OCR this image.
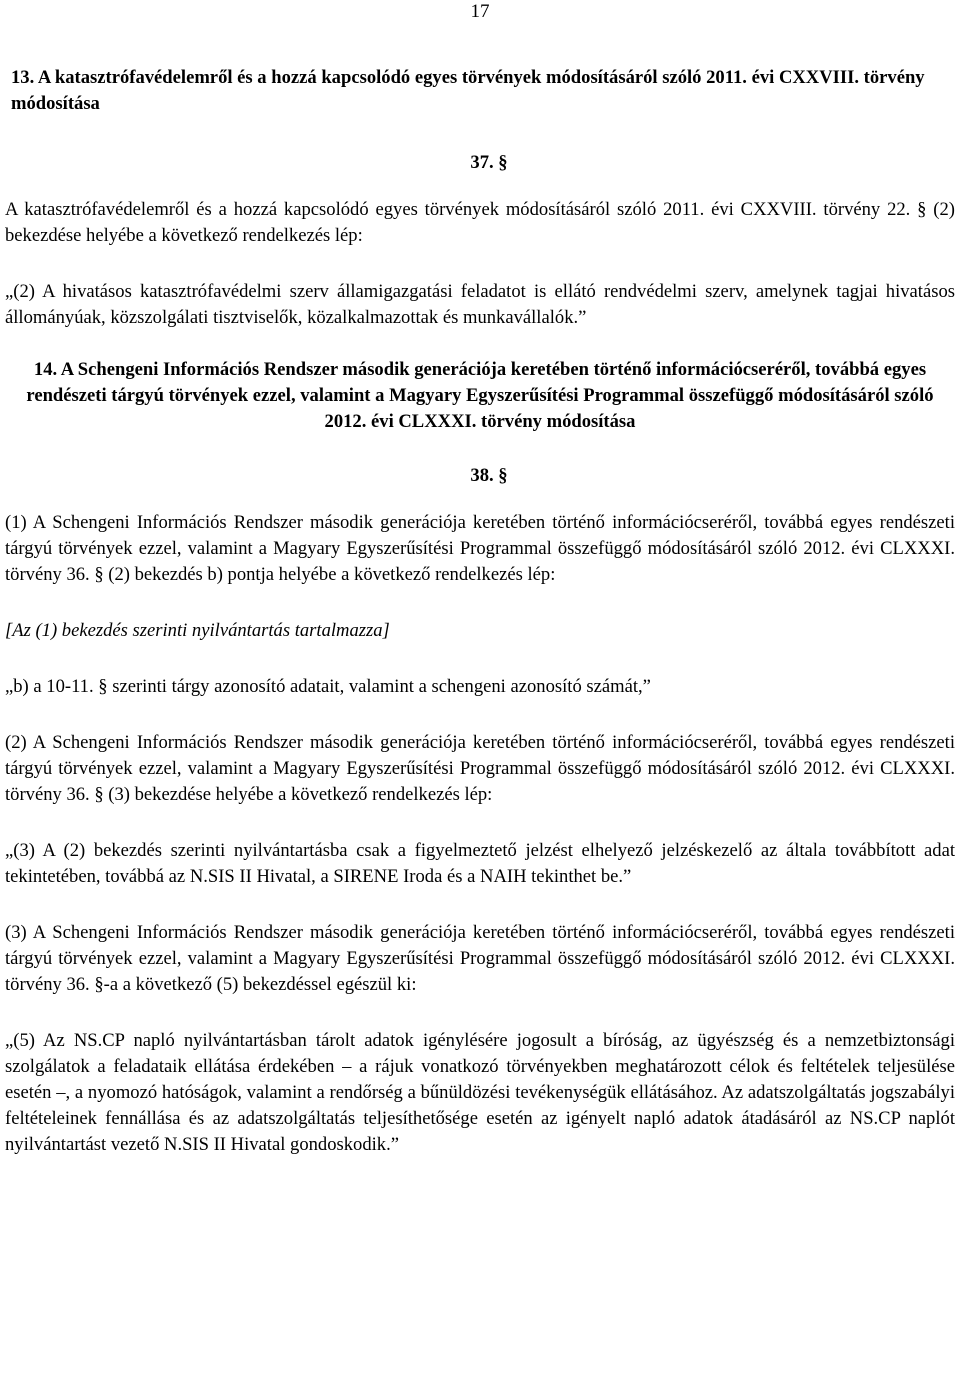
17
13. A katasztrófavédelemről és a hozzá kapcsolódó egyes törvények módosításáról szóló 2011. évi CXXVIII. törvény módosítása
37. §

A katasztrófavédelemről és a hozzá kapcsolódó egyes törvények módosításáról szóló 2011. évi CXXVIII. törvény 22. § (2) bekezdése helyébe a következő rendelkezés lép:

„(2) A hivatásos katasztrófavédelmi szerv államigazgatási feladatot is ellátó rendvédelmi szerv, amelynek tagjai hivatásos állományúak, közszolgálati tisztviselők, közalkalmazottak és munkavállalók.”

14. A Schengeni Információs Rendszer második generációja keretében történő információcseréről, továbbá egyes rendészeti tárgyú törvények ezzel, valamint a Magyary Egyszerűsítési Programmal összefüggő módosításáról szóló 2012. évi CLXXXI. törvény módosítása
38. §

(1) A Schengeni Információs Rendszer második generációja keretében történő információcseréről, továbbá egyes rendészeti tárgyú törvények ezzel, valamint a Magyary Egyszerűsítési Programmal összefüggő módosításáról szóló 2012. évi CLXXXI. törvény 36. § (2) bekezdés b) pontja helyébe a következő rendelkezés lép:

[Az (1) bekezdés szerinti nyilvántartás tartalmazza]

„b) a 10-11. § szerinti tárgy azonosító adatait, valamint a schengeni azonosító számát,”

(2) A Schengeni Információs Rendszer második generációja keretében történő információcseréről, továbbá egyes rendészeti tárgyú törvények ezzel, valamint a Magyary Egyszerűsítési Programmal összefüggő módosításáról szóló 2012. évi CLXXXI. törvény 36. § (3) bekezdése helyébe a következő rendelkezés lép:

„(3) A (2) bekezdés szerinti nyilvántartásba csak a figyelmeztető jelzést elhelyező jelzéskezelő az általa továbbított adat tekintetében, továbbá az N.SIS II Hivatal, a SIRENE Iroda és a NAIH tekinthet be.”

(3) A Schengeni Információs Rendszer második generációja keretében történő információcseréről, továbbá egyes rendészeti tárgyú törvények ezzel, valamint a Magyary Egyszerűsítési Programmal összefüggő módosításáról szóló 2012. évi CLXXXI. törvény 36. §-a a következő (5) bekezdéssel egészül ki:

„(5) Az NS.CP napló nyilvántartásban tárolt adatok igénylésére jogosult a bíróság, az ügyészség és a nemzetbiztonsági szolgálatok a feladataik ellátása érdekében – a rájuk vonatkozó törvényekben meghatározott célok és feltételek teljesülése esetén –, a nyomozó hatóságok, valamint a rendőrség a bűnüldözési tevékenységük ellátásához. Az adatszolgáltatás jogszabályi feltételeinek fennállása és az adatszolgáltatás teljesíthetősége esetén az igényelt napló adatok átadásáról az NS.CP naplót nyilvántartást vezető N.SIS II Hivatal gondoskodik.”
